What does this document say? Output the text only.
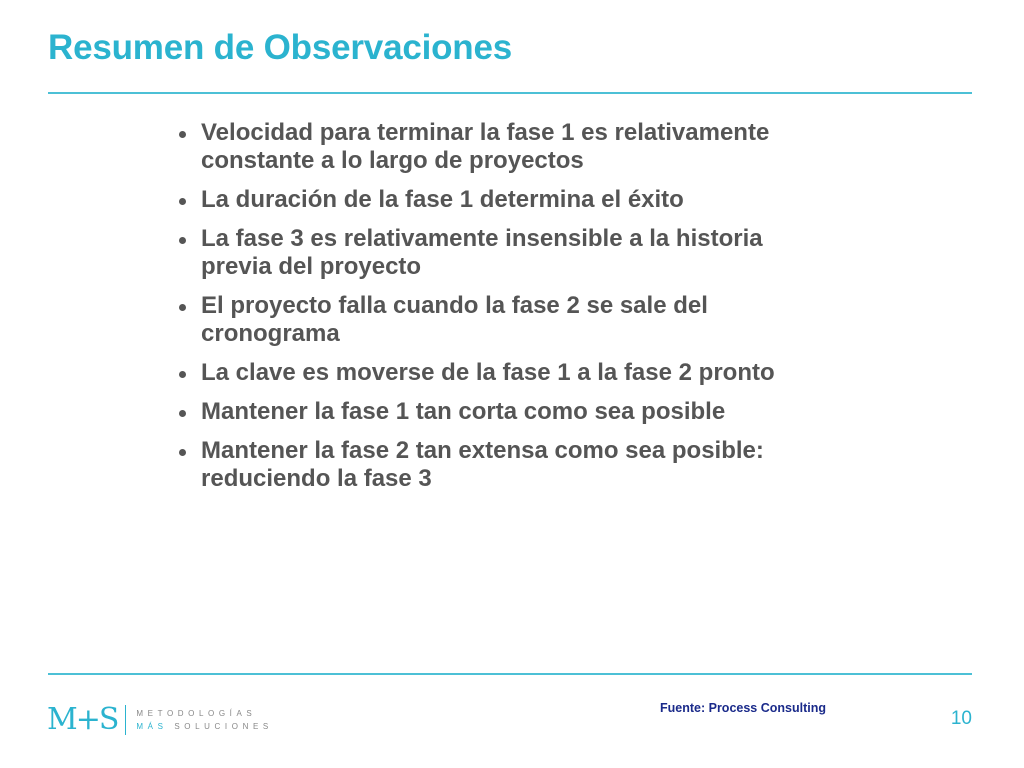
Resumen de Observaciones
Velocidad para terminar la fase 1 es relativamente constante a lo largo de proyectos
La duración de la fase 1 determina el éxito
La fase 3 es relativamente insensible a la historia previa del proyecto
El proyecto falla cuando la fase 2 se sale del cronograma
La clave es moverse de la fase 1 a la fase 2 pronto
Mantener la fase 1 tan corta como sea posible
Mantener la fase 2 tan extensa como sea posible: reduciendo la fase 3
M+S METODOLOGÍAS
MÁS SOLUCIONES
Fuente: Process Consulting	10
